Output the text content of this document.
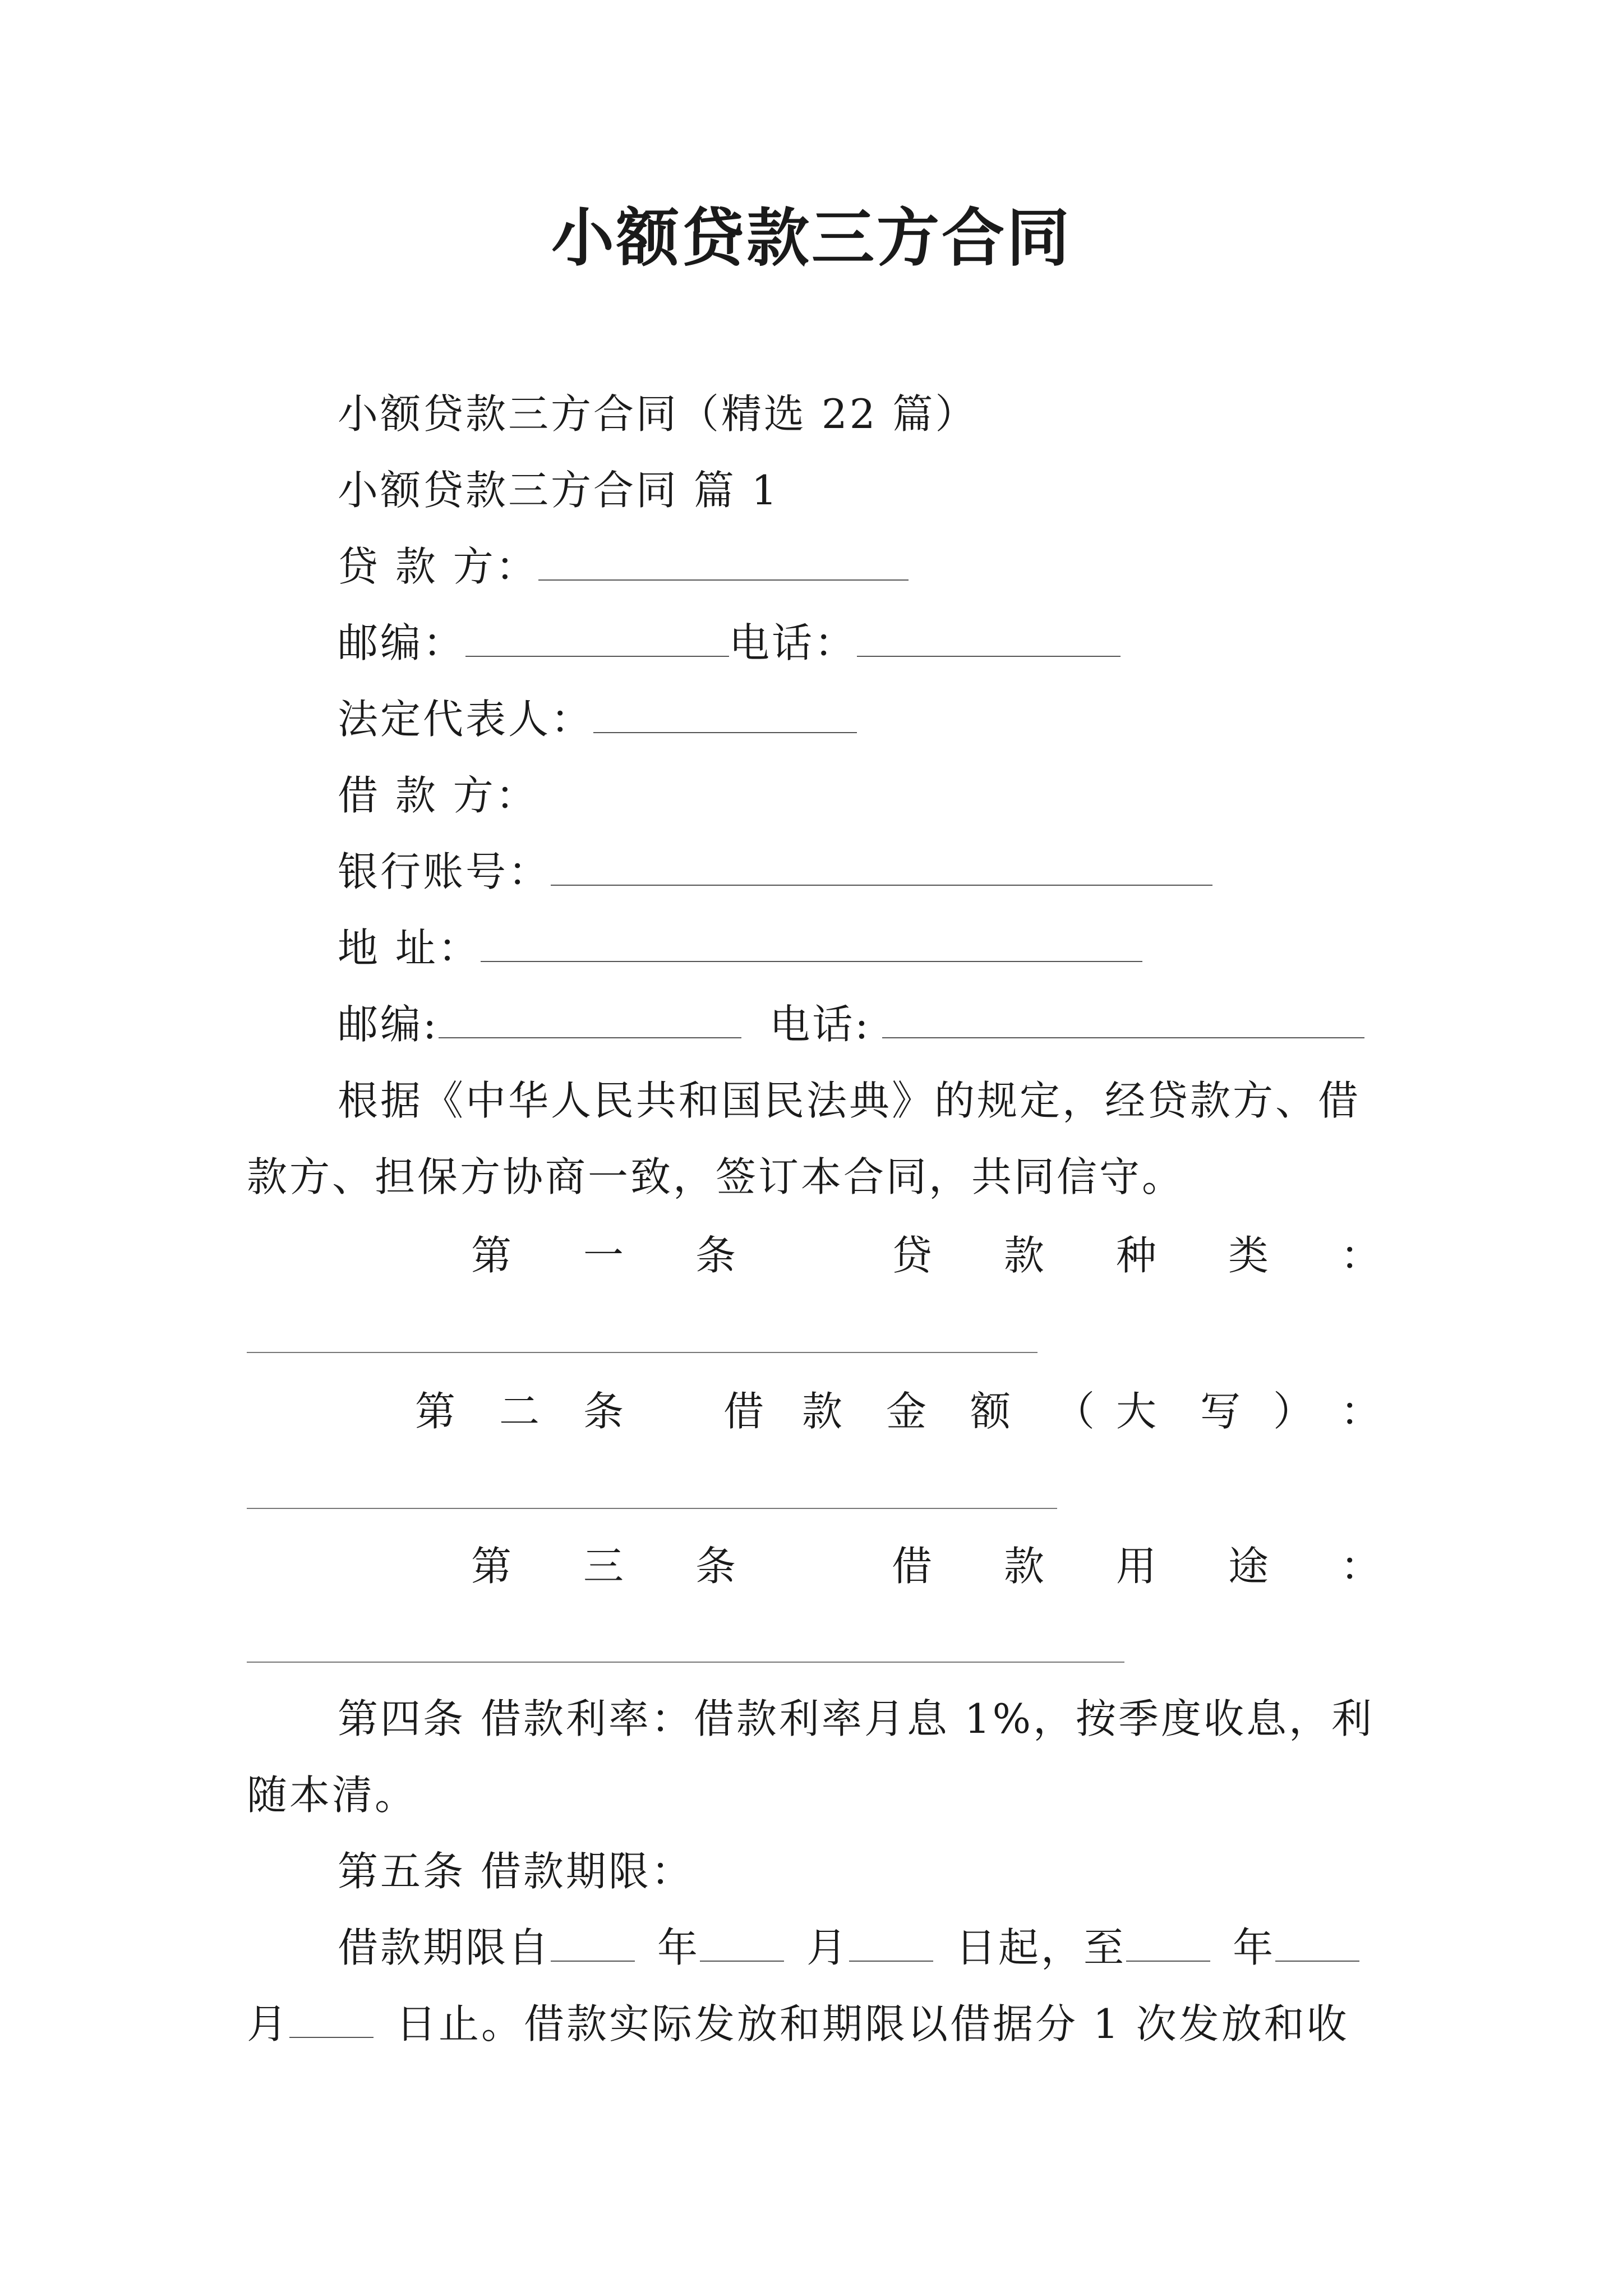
小额贷款三方合同
小额贷款三方合同（精选 22 篇）
小额贷款三方合同 篇 1
贷 款 方：
邮编：	电话：
法定代表人：
借 款 方：
银行账号：
地 址：
邮编:	电话:
根据《中华人民共和国民法典》的规定，经贷款方、借
款方、担保方协商一致，签订本合同，共同信守。
第 一 条	贷 款 种 类 ：
第 二 条 借 款 金 额 （ 大 写 ） ：
第 三 条	借 款 用 途 ：
第四条 借款利率：借款利率月息 1%，按季度收息，利
随本清。
第五条 借款期限：
借款期限自	年	月	日起，至	年
月	日止。借款实际发放和期限以借据分 1 次发放和收
